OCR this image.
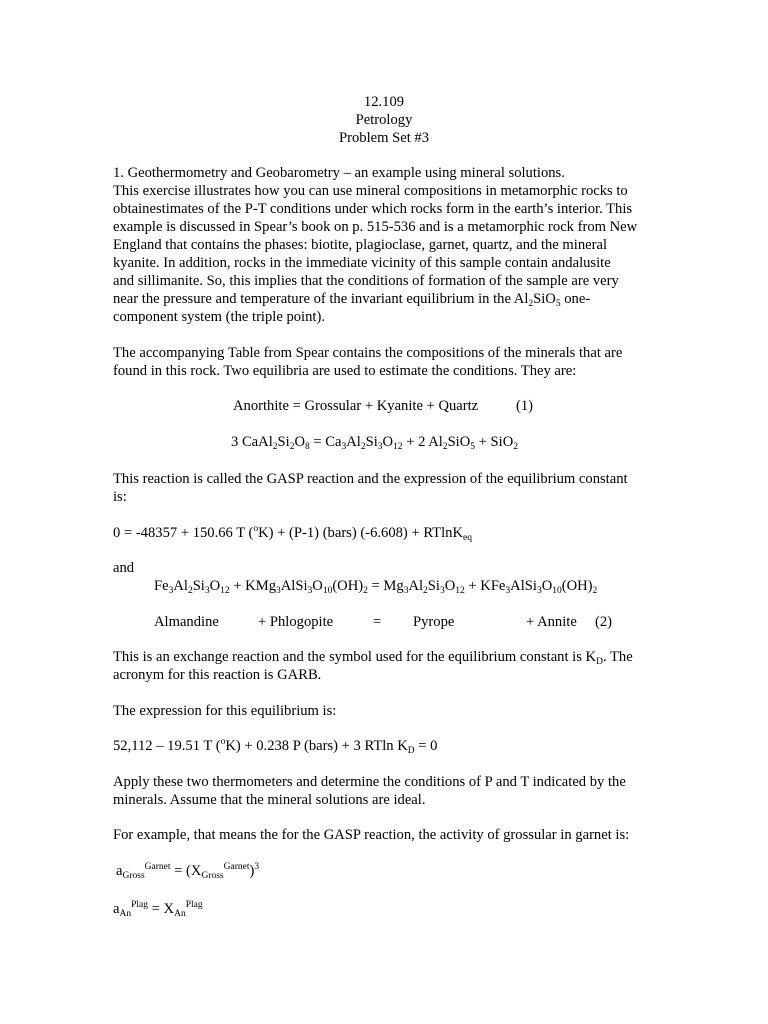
12.109
Petrology
Problem Set #3
1. Geothermometry and Geobarometry – an example using mineral solutions.
This exercise illustrates how you can use mineral compositions in metamorphic rocks to
obtainestimates of the P-T conditions under which rocks form in the earth’s interior. This
example is discussed in Spear’s book on p. 515-536 and is a metamorphic rock from New
England that contains the phases: biotite, plagioclase, garnet, quartz, and the mineral
kyanite. In addition, rocks in the immediate vicinity of this sample contain andalusite
and sillimanite. So, this implies that the conditions of formation of the sample are very
near the pressure and temperature of the invariant equilibrium in the $Al_2SiO_5$ one-
component system (the triple point).
The accompanying Table from Spear contains the compositions of the minerals that are
found in this rock. Two equilibria are used to estimate the conditions. They are:
Anorthite = Grossular + Kyanite + Quartz	(1)
3 $CaAl_2Si_2O_8 = Ca_3Al_2Si_3O_{12} + 2$ $Al_2SiO_5 + SiO_2$
This reaction is called the GASP reaction and the expression of the equilibrium constant
is:
0 = -48357 + 150.66 T ($^o$K) + (P-1) (bars) (-6.608) + RTlnK$_{eq}$
and
$Fe_3Al_2Si_3O_{12}$ + $KMg_3AlSi_3O_{10}(OH)_2 = Mg_3Al_2Si_3O_{12}$ + $KFe_3AlSi_3O_{10}(OH)_2$
Almandine	+ Phlogopite	= Pyrope	+ Annite (2)
This is an exchange reaction and the symbol used for the equilibrium constant is $K_D$. The
acronym for this reaction is GARB.
The expression for this equilibrium is:
52,112 – 19.51 T ($^o$K) + 0.238 P (bars) + 3 RTln $K_D = 0$
Apply these two thermometers and determine the conditions of P and T indicated by the
minerals. Assume that the mineral solutions are ideal.
For example, that means the for the GASP reaction, the activity of grossular in garnet is:
$a_{Gross}^{Garnet} = (X_{Gross}^{Garnet})^3$
$a_{An}^{Plag} = X_{An}^{Plag}$
